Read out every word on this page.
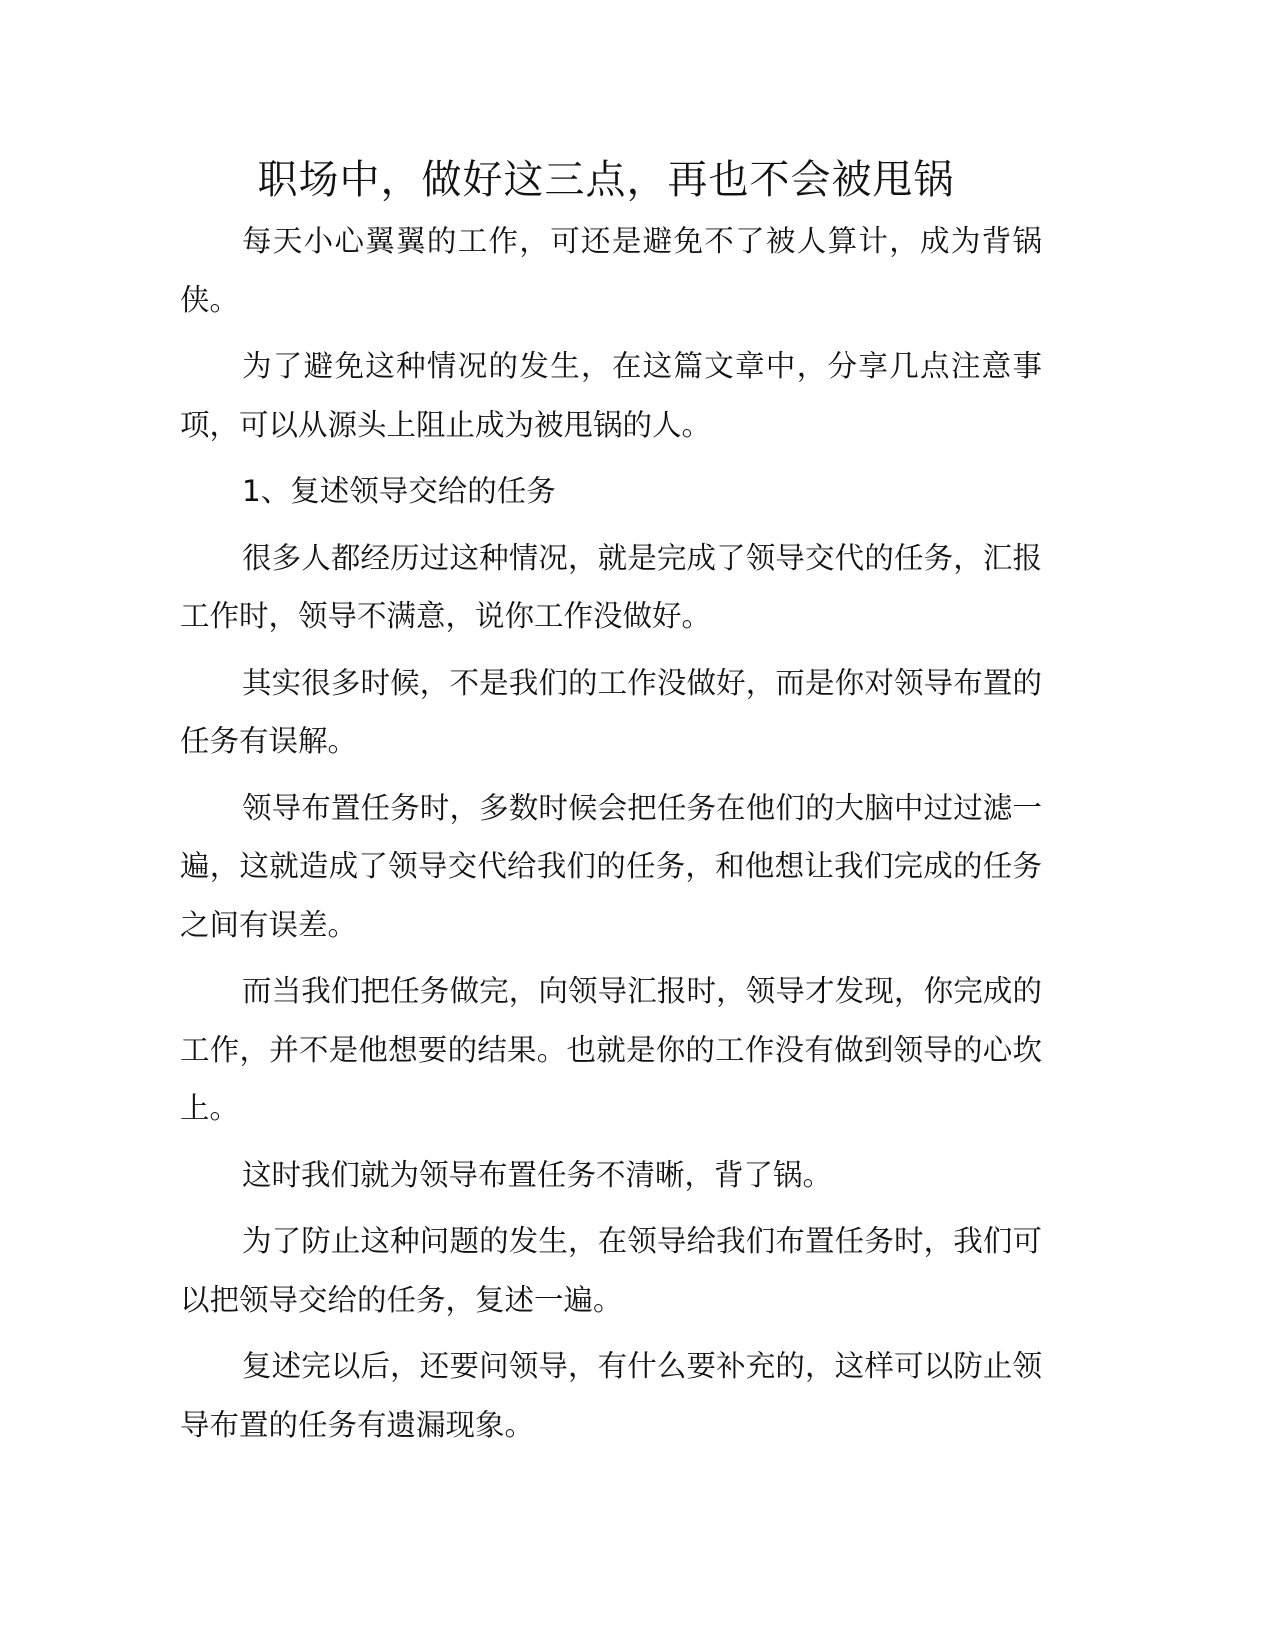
职场中，做好这三点，再也不会被甩锅

每天小心翼翼的工作，可还是避免不了被人算计，成为背锅侠。

为了避免这种情况的发生，在这篇文章中，分享几点注意事项，可以从源头上阻止成为被甩锅的人。

1、复述领导交给的任务

很多人都经历过这种情况，就是完成了领导交代的任务，汇报工作时，领导不满意，说你工作没做好。

其实很多时候，不是我们的工作没做好，而是你对领导布置的任务有误解。

领导布置任务时，多数时候会把任务在他们的大脑中过过滤一遍，这就造成了领导交代给我们的任务，和他想让我们完成的任务之间有误差。

而当我们把任务做完，向领导汇报时，领导才发现，你完成的工作，并不是他想要的结果。也就是你的工作没有做到领导的心坎上。

这时我们就为领导布置任务不清晰，背了锅。

为了防止这种问题的发生，在领导给我们布置任务时，我们可以把领导交给的任务，复述一遍。

复述完以后，还要问领导，有什么要补充的，这样可以防止领导布置的任务有遗漏现象。
